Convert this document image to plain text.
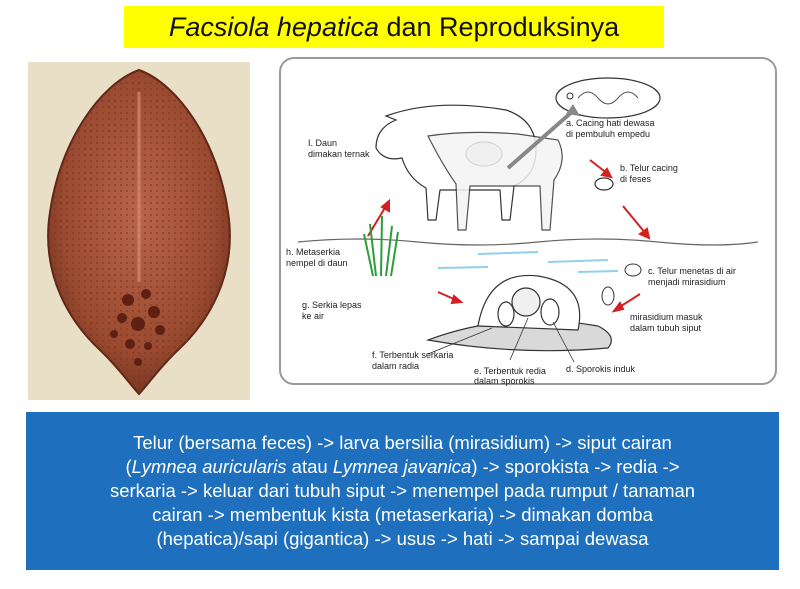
Facsiola hepatica dan Reproduksinya
a. Cacing hati dewasa
di pembuluh empedu
I. Daun
dimakan ternak
b. Telur cacing
di feses
h. Metaserkia
nempel di daun
c. Telur menetas di air
menjadi mirasidium
mirasidium masuk
dalam tubuh siput
g. Serkia lepas
ke air
f. Terbentuk serkaria
dalam radia	e. Terbentuk redia
dalam sporokis
d. Sporokis induk

Telur (bersama feces) -> larva bersilia (mirasidium) -> siput cairan
(Lymnea auricularis atau Lymnea javanica) -> sporokista -> redia ->
serkaria -> keluar dari tubuh siput -> menempel pada rumput / tanaman
cairan -> membentuk kista (metaserkaria) -> dimakan domba
(hepatica)/sapi (gigantica) -> usus -> hati -> sampai dewasa
